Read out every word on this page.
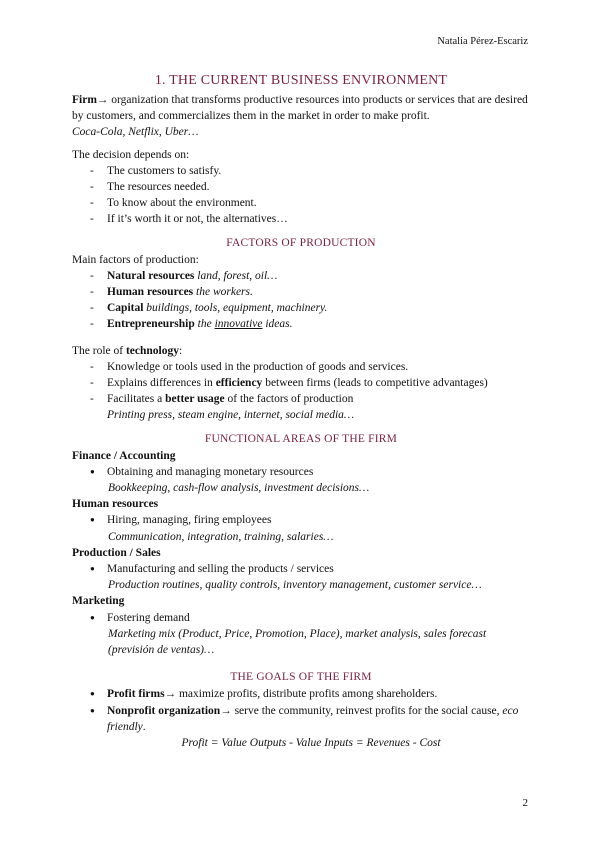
Natalia Pérez-Escariz
1. THE CURRENT BUSINESS ENVIRONMENT

Firm→ organization that transforms productive resources into products or services that are desired by customers, and commercializes them in the market in order to make profit.

Coca-Cola, Netflix, Uber…

The decision depends on:

- The customers to satisfy.
- The resources needed.
- To know about the environment.
- If it’s worth it or not, the alternatives…
FACTORS OF PRODUCTION

Main factors of production:

- Natural resources land, forest, oil…
- Human resources the workers.
- Capital buildings, tools, equipment, machinery.
- Entrepreneurship the innovative ideas.

The role of technology:

- Knowledge or tools used in the production of goods and services.
- Explains differences in efficiency between firms (leads to competitive advantages)
- Facilitates a better usage of the factors of production

Printing press, steam engine, internet, social media…

FUNCTIONAL AREAS OF THE FIRM

Finance / Accounting

● Obtaining and managing monetary resources

Bookkeeping, cash-flow analysis, investment decisions…

Human resources

● Hiring, managing, firing employees

Communication, integration, training, salaries…

Production / Sales

● Manufacturing and selling the products / services

Production routines, quality controls, inventory management, customer service…

Marketing

● Fostering demand

Marketing mix (Product, Price, Promotion, Place), market analysis, sales forecast (previsión de ventas)…

THE GOALS OF THE FIRM
● Profit firms→ maximize profits, distribute profits among shareholders.
● Nonprofit organization→ serve the community, reinvest profits for the social cause, eco friendly.

Profit = Value Outputs - Value Inputs = Revenues - Cost

2
